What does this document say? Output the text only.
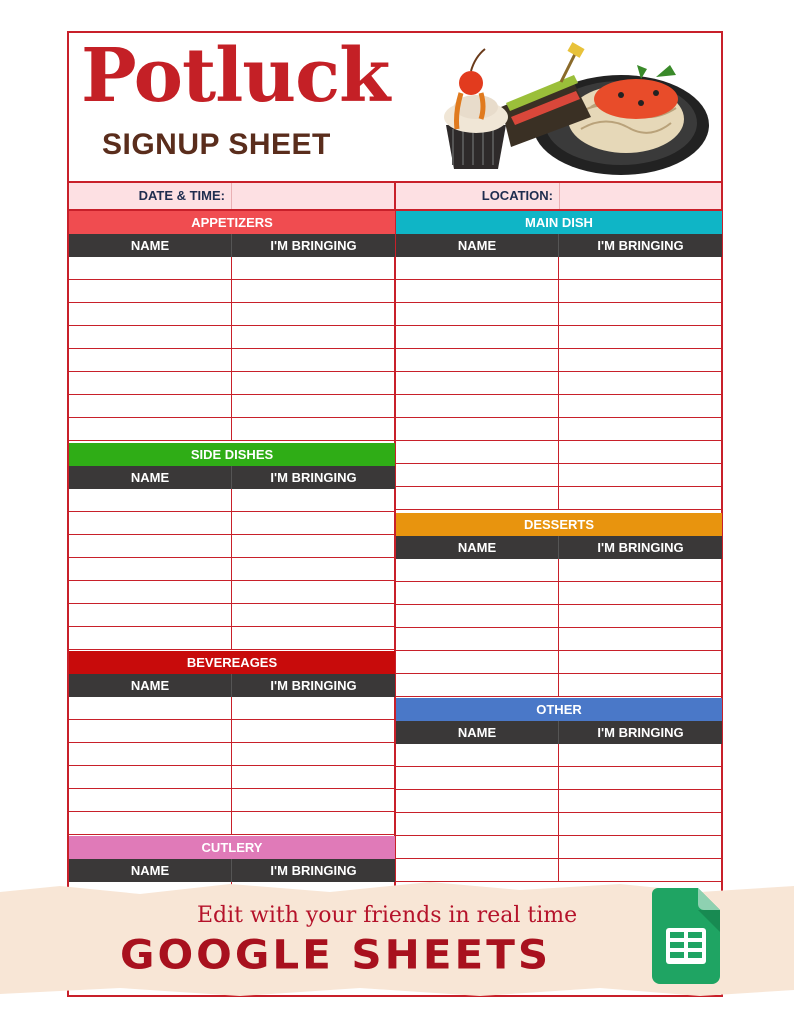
Potluck
SIGNUP SHEET
DATE & TIME:	LOCATION:
APPETIZERS
NAME	I'M BRINGING
SIDE DISHES
NAME	I'M BRINGING
BEVEREAGES
NAME	I'M BRINGING
CUTLERY
NAME	I'M BRINGING
MAIN DISH
NAME	I'M BRINGING
DESSERTS
NAME	I'M BRINGING
OTHER
NAME	I'M BRINGING
Edit with your friends in real time
GOOGLE SHEETS
